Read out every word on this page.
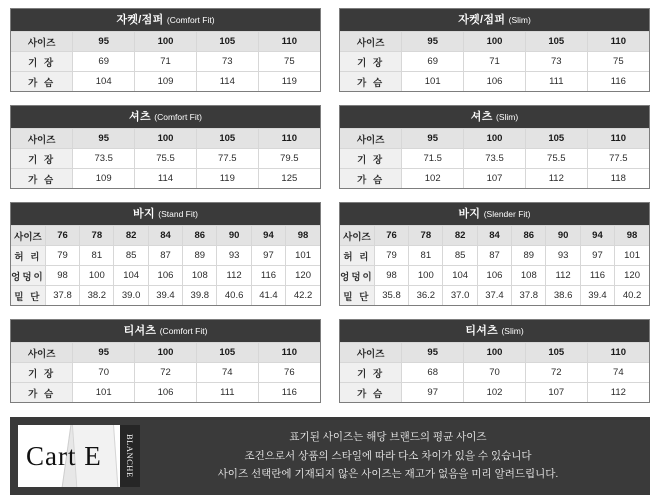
자켓/점퍼 (Comfort Fit)
사이즈	95	100	105	110
기 장	69	71	73	75
가 슴	104	109	114	119
자켓/점퍼 (Slim)
사이즈	95	100	105	110
기 장	69	71	73	75
가 슴	101	106	111	116
셔츠 (Comfort Fit)
사이즈	95	100	105	110
기 장	73.5	75.5	77.5	79.5
가 슴	109	114	119	125
셔츠 (Slim)
사이즈	95	100	105	110
기 장	71.5	73.5	75.5	77.5
가 슴	102	107	112	118
바지 (Stand Fit)
사이즈	76	78	82	84	86	90	94	98
허 리	79	81	85	87	89	93	97	101
엉덩이	98	100	104	106	108	112	116	120
밑 단	37.8	38.2	39.0	39.4	39.8	40.6	41.4	42.2
바지 (Slender Fit)
사이즈	76	78	82	84	86	90	94	98
허 리	79	81	85	87	89	93	97	101
엉덩이	98	100	104	106	108	112	116	120
밑 단	35.8	36.2	37.0	37.4	37.8	38.6	39.4	40.2
티셔츠 (Comfort Fit)
사이즈	95	100	105	110
기 장	70	72	74	76
가 슴	101	106	111	116
티셔츠 (Slim)
사이즈	95	100	105	110
기 장	68	70	72	74
가 슴	97	102	107	112
Cart E	BLANCHE	표기된 사이즈는 해당 브랜드의 평균 사이즈
조건으로서 상품의 스타일에 따라 다소 차이가 있을 수 있습니다
사이즈 선택란에 기재되지 않은 사이즈는 재고가 없음을 미리 알려드립니다.
